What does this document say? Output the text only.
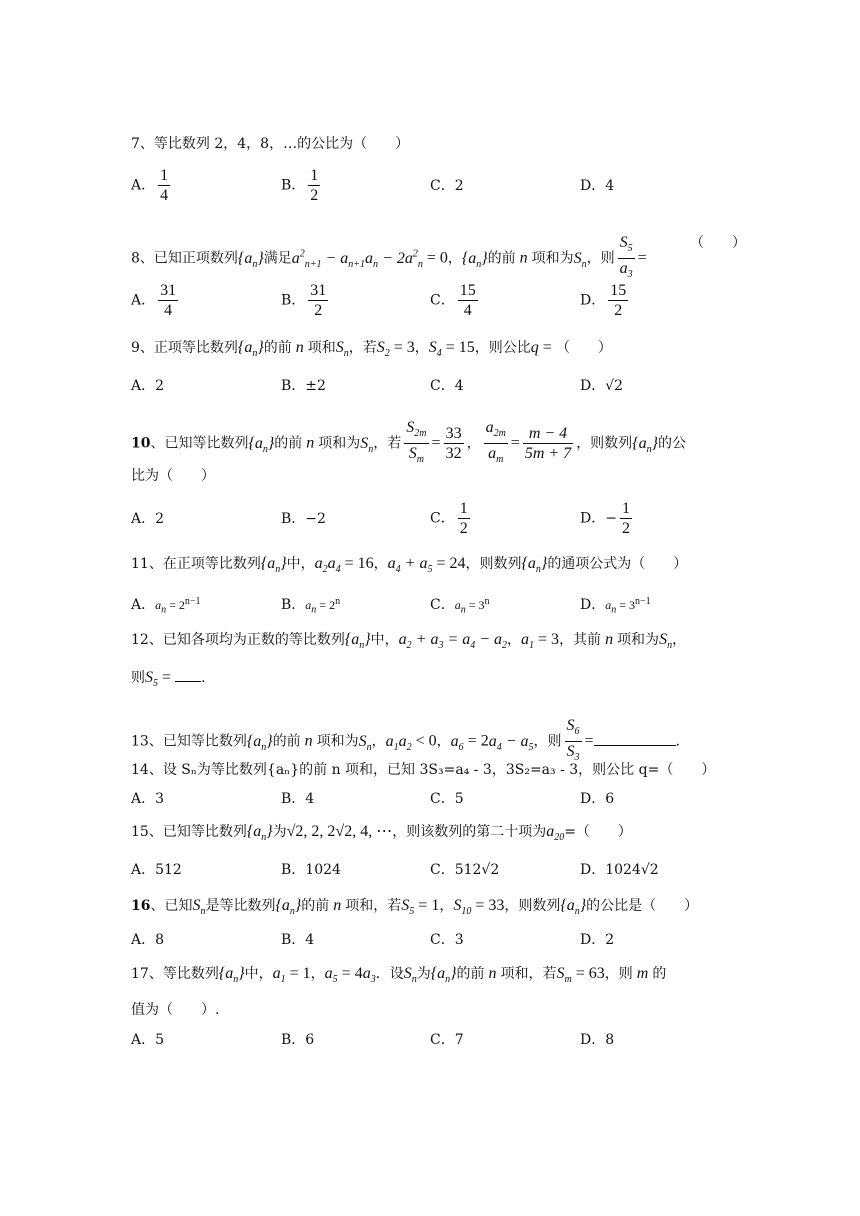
7、等比数列 2，4，8，…的公比为（　　）
A． $\frac{1}{4}$	B． $\frac{1}{2}$	C．2	D．4
8、已知正项数列$\{a_n\}$满足$a^2_{n+1} - a_{n+1}a_n - 2a^2_n = 0$，$\{a_n\}$的前 n 项和为$S_n$，则 $\frac{S_5}{a_3}$ =
（　　）
A． $\frac{31}{4}$	B． $\frac{31}{2}$	C． $\frac{15}{4}$	D． $\frac{15}{2}$
9、正项等比数列$\{a_n\}$的前 n 项和$S_n$，若$S_2 = 3$，$S_4 = 15$，则公比q = （　　）
A．2	B．±2	C．4	D．√2
10、已知等比数列$\{a_n\}$的前 n 项和为$S_n$，若 $\frac{S_{2m}}{S_m} = \frac{33}{32}$ ， $\frac{a_{2m}}{a_m} = \frac{m - 4}{5m + 7}$ ，则数列$\{a_n\}$的公
比为（　　）
A．2	B．−2	C． $\frac{1}{2}$	D．− $\frac{1}{2}$
11、在正项等比数列$\{a_n\}$中，$a_2a_4 = 16$，$a_4 + a_5 = 24$，则数列$\{a_n\}$的通项公式为（　　）
A．$a_n = 2^{n-1}$	B．$a_n = 2^n$	C．$a_n = 3^n$	D．$a_n = 3^{n-1}$
12、已知各项均为正数的等比数列$\{a_n\}$中，$a_2 + a_3 = a_4 - a_2$，$a_1 = 3$，其前 n 项和为$S_n$，
则$S_5$ = .
13、已知等比数列$\{a_n\}$的前 n 项和为$S_n$，$a_1a_2 < 0$，$a_6 = 2a_4 - a_5$，则 $\frac{S_6}{S_3}$ =	.
14、设 Sₙ为等比数列{aₙ}的前 n 项和，已知 3S₃=a₄ - 3，3S₂=a₃ - 3，则公比 q=（　　）
A．3	B．4	C．5	D．6
15、已知等比数列$\{a_n\}$为√2, 2, 2√2, 4, ⋯，则该数列的第二十项为$a_{20}=$（　　）
A．512	B．1024	C．512√2	D．1024√2
16、已知$S_n$是等比数列$\{a_n\}$的前 n 项和，若$S_5 = 1$，$S_{10} = 33$，则数列$\{a_n\}$的公比是（　　）
A．8	B．4	C．3	D．2
17、等比数列$\{a_n\}$中，$a_1 = 1$，$a_5 = 4a_3$．设$S_n$为$\{a_n\}$的前 n 项和，若$S_m = 63$，则 m 的
值为（　　）.
A．5	B．6	C．7	D．8
